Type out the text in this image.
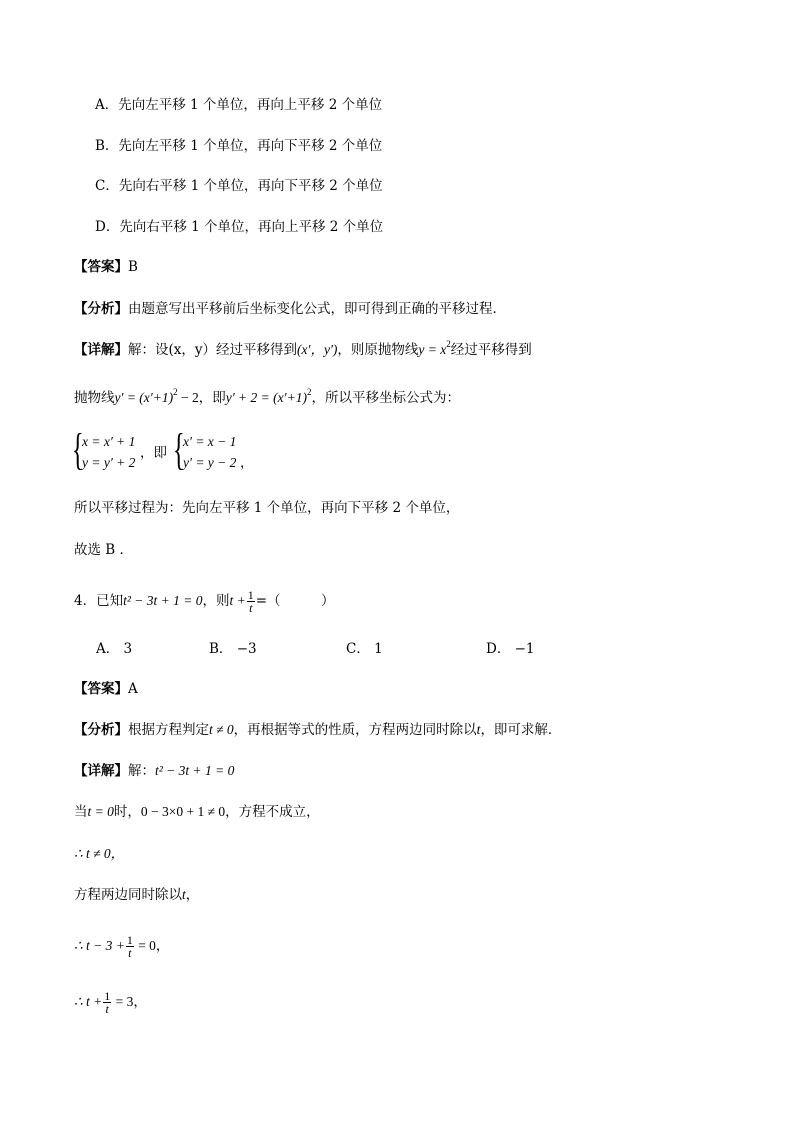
A．先向左平移 1 个单位，再向上平移 2 个单位
B．先向左平移 1 个单位，再向下平移 2 个单位
C．先向右平移 1 个单位，再向下平移 2 个单位
D．先向右平移 1 个单位，再向上平移 2 个单位
【答案】B
【分析】由题意写出平移前后坐标变化公式，即可得到正确的平移过程．
【详解】解：设(x，y）经过平移得到(x′，y′)，则原抛物线$y = x^2$经过平移得到
抛物线$y' = (x'+1)^2 - 2$，即$y' + 2 = (x'+1)^2$，所以平移坐标公式为：
{
x = x′ + 1
y = y′ + 2
，即 {
x′ = x − 1
y′ = y − 2 ，
所以平移过程为：先向左平移 1 个单位，再向下平移 2 个单位，
故选 B ．
4．已知t² − 3t + 1 = 0，则$t + \frac{1}{t}$ =（　　　）
A． 3	B． −3	C． 1	D． −1
【答案】A
【分析】根据方程判定t ≠ 0，再根据等式的性质，方程两边同时除以t，即可求解．
【详解】解：t² − 3t + 1 = 0
当t = 0时，0 − 3×0 + 1 ≠ 0，方程不成立，
∴ t ≠ 0，
方程两边同时除以t，
∴ $t - 3 + \frac{1}{t} = 0$，
∴ $t + \frac{1}{t} = 3$，
